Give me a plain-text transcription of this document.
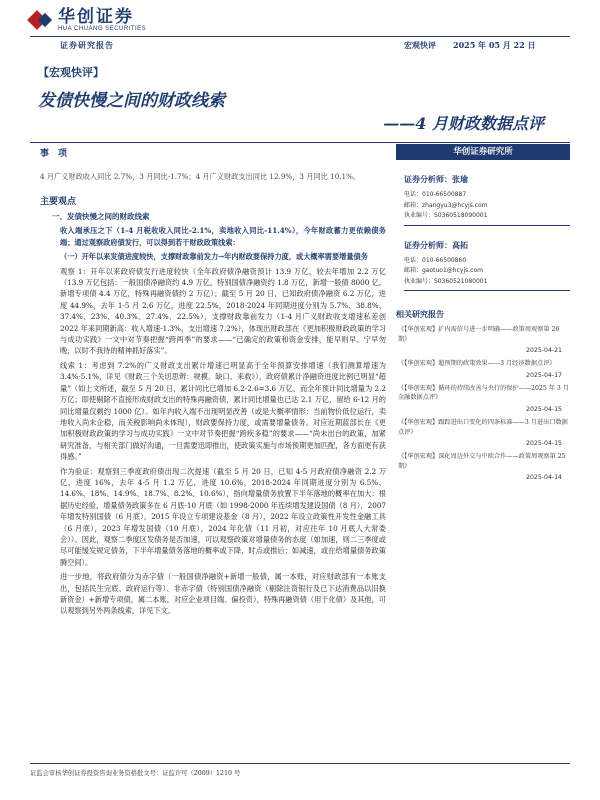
华创证券
HUA CHUANG SECURITIES
证券研究报告	宏观快评 2025 年 05 月 22 日
【宏观快评】
发债快慢之间的财政线索
——4 月财政数据点评
事　项

4 月广义财政收入同比 2.7%，3 月同比-1.7%；4 月广义财政支出同比 12.9%，3 月同比 10.1%。

主要观点
一、发债快慢之间的财政线索

收入端承压之下（1-4 月税收收入同比-2.1%，卖地收入同比-11.4%），今年财政蓄力更依赖债务端；通过观察政府债发行，可以得到若干财政政策线索：

（一）开年以来发债进度较快，支撑财政靠前发力→年内财政要保持力度，或大概率需要增量债务

观察 1：开年以来政府债发行进度较快（全年政府债净融资预计 13.9 万亿，较去年增加 2.2 万亿（13.9 万亿包括：一般国债净融资约 4.9 万亿，特别国债净融资约 1.8 万亿，新增一般债 8000 亿，新增专项债 4.4 万亿，特殊再融资债约 2 万亿）；截至 5 月 20 日，已知政府债净融资 6.2 万亿，进度 44.9%，去年 1-5 月 2.6 万亿，进度 22.5%，2018-2024 年同期进度分别为 5.7%、38.8%、37.4%、23%、40.3%、27.4%、22.5%），支撑财政靠前发力（1-4 月广义财政收支增速私差创 2022 年来同期新高：收入增速-1.3%，支出增速 7.2%），体现出财政部在《更加积极财政政策的学习与成功实践》一文中对节奏把握“跨两季”的要求——“已确定的政策和资金安排，能早则早、宁早勿晚，以时不我待的精神抓好落实”。

线索 1：考虑到 7.2%的广义财政支出累计增速已明显高于全年预算安排增速（我们测算增速为 3.4%-5.1%，详见《财政三个关切思辨：规模、缺口、来救》），政府债累计净融资进度比例已明显“超量”（如上文所述，截至 5 月 20 日，累计同比已增加 6.2-2.6=3.6 万亿，而全年预计同比增量为 2.2 万亿；即使剔除不直接形成财政支出的特殊再融资债，累计同比增量也已达 2.1 万亿，留给 6-12 月的同比增量仅剩约 1000 亿）。如年内收入端不出现明显改善（或是大概率情形：当前物价低位运行，卖地收入尚未企稳，而关税影响尚未体现），财政要保持力度，或需要增量债务。对应近期蓝部长在《更加积极财政政策的学习与成功实践》一文中对节奏把握“跨疾多稳”的要求——“尚未出台的政策，加紧研究准备，与相关部门做好沟通，一旦需要迅即推出，使政策实施与市场预期更加匹配，各方面更有获得感。”

作为验证：观察到三季度政府债出现二次提速（截至 5 月 20 日，已知 4-5 月政府债净融资 2.2 万亿，进度 16%，去年 4-5 月 1.2 万亿，进度 10.6%，2018-2024 年同期进度分别为 6.5%、14.6%、18%、14.9%、18.7%、8.2%、10.6%），指向增量债务放置下半年落地的概率在加大：根据历史经验，增量债务政策多在 6 月底-10 月底（如 1998-2000 年连续增发建设国债（8 月），2007 年增发特别国债（6 月底），2015 年设立专项建设基金（8 月），2022 年设立政策性开发性金融工具（6 月底），2023 年增发国债（10 月底），2024 年化债（11 月初，对应往年 10 月底人大常委会））。因此，观察二季度区发债务是否加速，可以观察政策对增量债务的态度（如加速，则二三季度或尽可能缓发规定债务，下半年增量债务落地的概率或下降，时点或推后；如减速，或在给增量债务政策腾空间）。

进一步地，将政府债分为赤字债（一般国债净融资+新增一般债，属一本账，对应财政部有一本账支出，包括民生完底、政府运行等）、非赤字债（特别国债净融资（剔除注资银行及已下达消费品以旧换新资金）+新增专项债，属二本账，对应企业项目端、偏投资），特殊再融资债（用于化债）及其他，可以观察到另外两条线索，详见下文。

华创证券研究所
证券分析师：张瑜
电话：010-66500887
邮箱：zhangyu3@hcyjs.com
执业编号：S0360518090001
证券分析师：高拓
电话：010-66500860
邮箱：gaotuo1@hcyjs.com
执业编号：S0360521080001
相关研究报告
《【华创宏观】扩内需信号进一步明确——政策周观察第 26 期》
2025-04-21
《【华创宏观】超预期的政策效果——3 月经济数据点评》
2025-04-17
《【华创宏观】循环的持续改善与央行的保护——2025 年 3 月金融数据点评》
2025-04-15
《【华创宏观】跟踪进出口变化的四条标准——3 月进出口数据点评》
2025-04-15
《【华创宏观】深化周边外交与中欧合作——政策周观察第 25 期》
2025-04-14
证监会审核华创证券投资咨询业务资格批文号：证监许可（2009）1210 号
